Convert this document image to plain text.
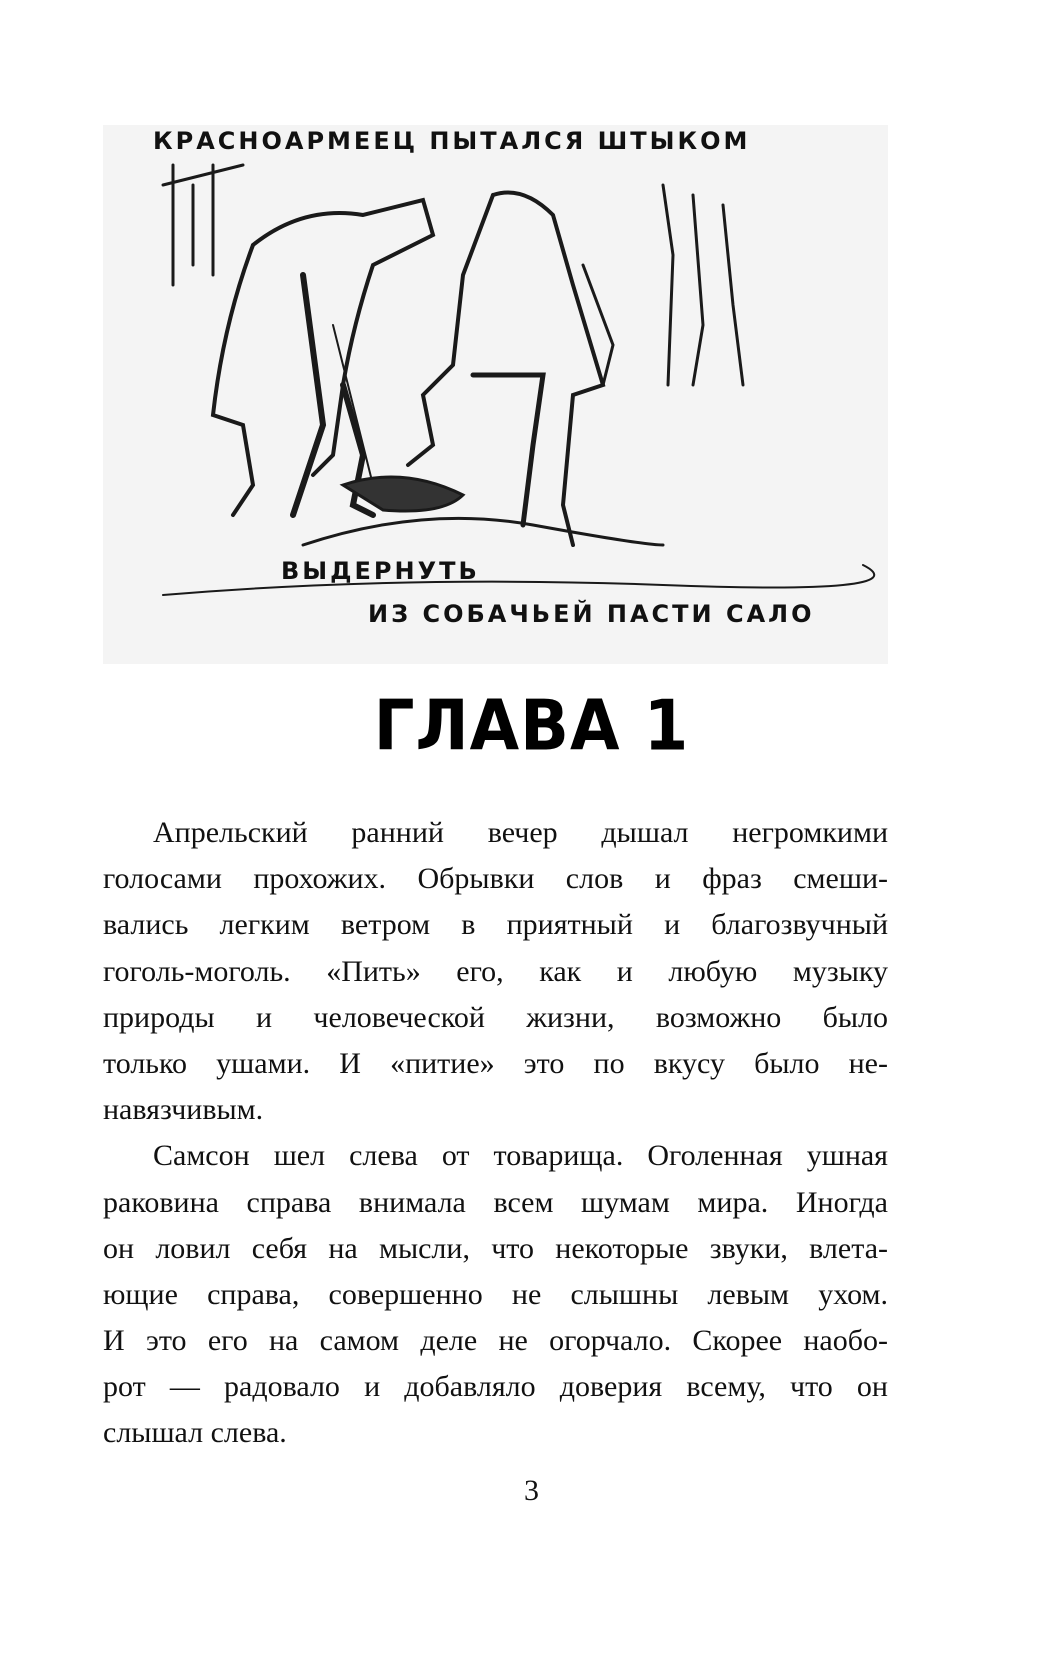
КРАСНОАРМЕЕЦ ПЫТАЛСЯ ШТЫКОМ
ВЫДЕРНУТЬ
ИЗ СОБАЧЬЕЙ ПАСТИ САЛО
ГЛАВА 1
Апрельский ранний вечер дышал негромкими
голосами прохожих. Обрывки слов и фраз смеши-
вались легким ветром в приятный и благозвучный
гоголь-моголь. «Пить» его, как и любую музыку
природы и человеческой жизни, возможно было
только ушами. И «питие» это по вкусу было не-
навязчивым.
Самсон шел слева от товарища. Оголенная ушная
раковина справа внимала всем шумам мира. Иногда
он ловил себя на мысли, что некоторые звуки, влета-
ющие справа, совершенно не слышны левым ухом.
И это его на самом деле не огорчало. Скорее наобо-
рот — радовало и добавляло доверия всему, что он
слышал слева.
3
